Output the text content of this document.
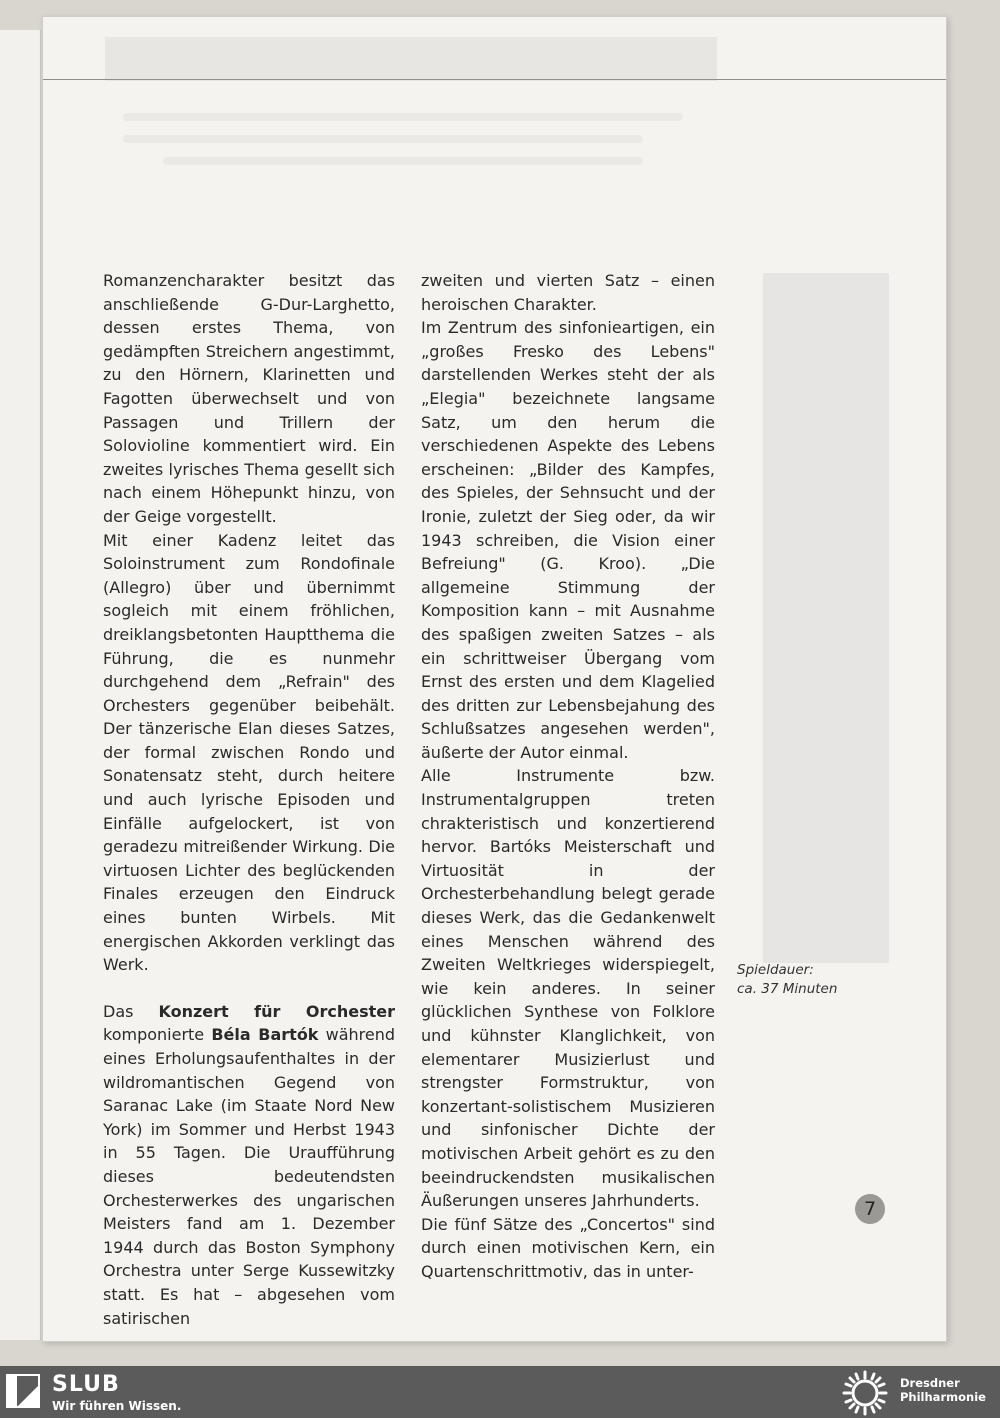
Romanzencharakter besitzt das anschließende G-Dur-Larghetto, dessen erstes Thema, von gedämpften Streichern angestimmt, zu den Hörnern, Klarinetten und Fagotten überwechselt und von Passagen und Trillern der Solovioline kommentiert wird. Ein zweites lyrisches Thema gesellt sich nach einem Höhepunkt hinzu, von der Geige vorgestellt.

Mit einer Kadenz leitet das Soloinstrument zum Rondofinale (Allegro) über und übernimmt sogleich mit einem fröhlichen, dreiklangsbetonten Hauptthema die Führung, die es nunmehr durchgehend dem „Refrain" des Orchesters gegenüber beibehält. Der tänzerische Elan dieses Satzes, der formal zwischen Rondo und Sonatensatz steht, durch heitere und auch lyrische Episoden und Einfälle aufgelockert, ist von geradezu mitreißender Wirkung. Die virtuosen Lichter des beglückenden Finales erzeugen den Eindruck eines bunten Wirbels. Mit energischen Akkorden verklingt das Werk.

Das Konzert für Orchester komponierte Béla Bartók während eines Erholungsaufenthaltes in der wildromantischen Gegend von Saranac Lake (im Staate Nord New York) im Sommer und Herbst 1943 in 55 Tagen. Die Uraufführung dieses bedeutendsten Orchesterwerkes des ungarischen Meisters fand am 1. Dezember 1944 durch das Boston Symphony Orchestra unter Serge Kussewitzky statt. Es hat – abgesehen vom satirischen

zweiten und vierten Satz – einen heroischen Charakter.

Im Zentrum des sinfonieartigen, ein „großes Fresko des Lebens" darstellenden Werkes steht der als „Elegia" bezeichnete langsame Satz, um den herum die verschiedenen Aspekte des Lebens erscheinen: „Bilder des Kampfes, des Spieles, der Sehnsucht und der Ironie, zuletzt der Sieg oder, da wir 1943 schreiben, die Vision einer Befreiung" (G. Kroo). „Die allgemeine Stimmung der Komposition kann – mit Ausnahme des spaßigen zweiten Satzes – als ein schrittweiser Übergang vom Ernst des ersten und dem Klagelied des dritten zur Lebensbejahung des Schlußsatzes angesehen werden", äußerte der Autor einmal.

Alle Instrumente bzw. Instrumentalgruppen treten chrakteristisch und konzertierend hervor. Bartóks Meisterschaft und Virtuosität in der Orchesterbehandlung belegt gerade dieses Werk, das die Gedankenwelt eines Menschen während des Zweiten Weltkrieges widerspiegelt, wie kein anderes. In seiner glücklichen Synthese von Folklore und kühnster Klanglichkeit, von elementarer Musizierlust und strengster Formstruktur, von konzertant-solistischem Musizieren und sinfonischer Dichte der motivischen Arbeit gehört es zu den beeindruckendsten musikalischen Äußerungen unseres Jahrhunderts.

Die fünf Sätze des „Concertos" sind durch einen motivischen Kern, ein Quartenschrittmotiv, das in unter-

Spieldauer:
ca. 37 Minuten
7
SLUB
Wir führen Wissen.
Dresdner
Philharmonie
